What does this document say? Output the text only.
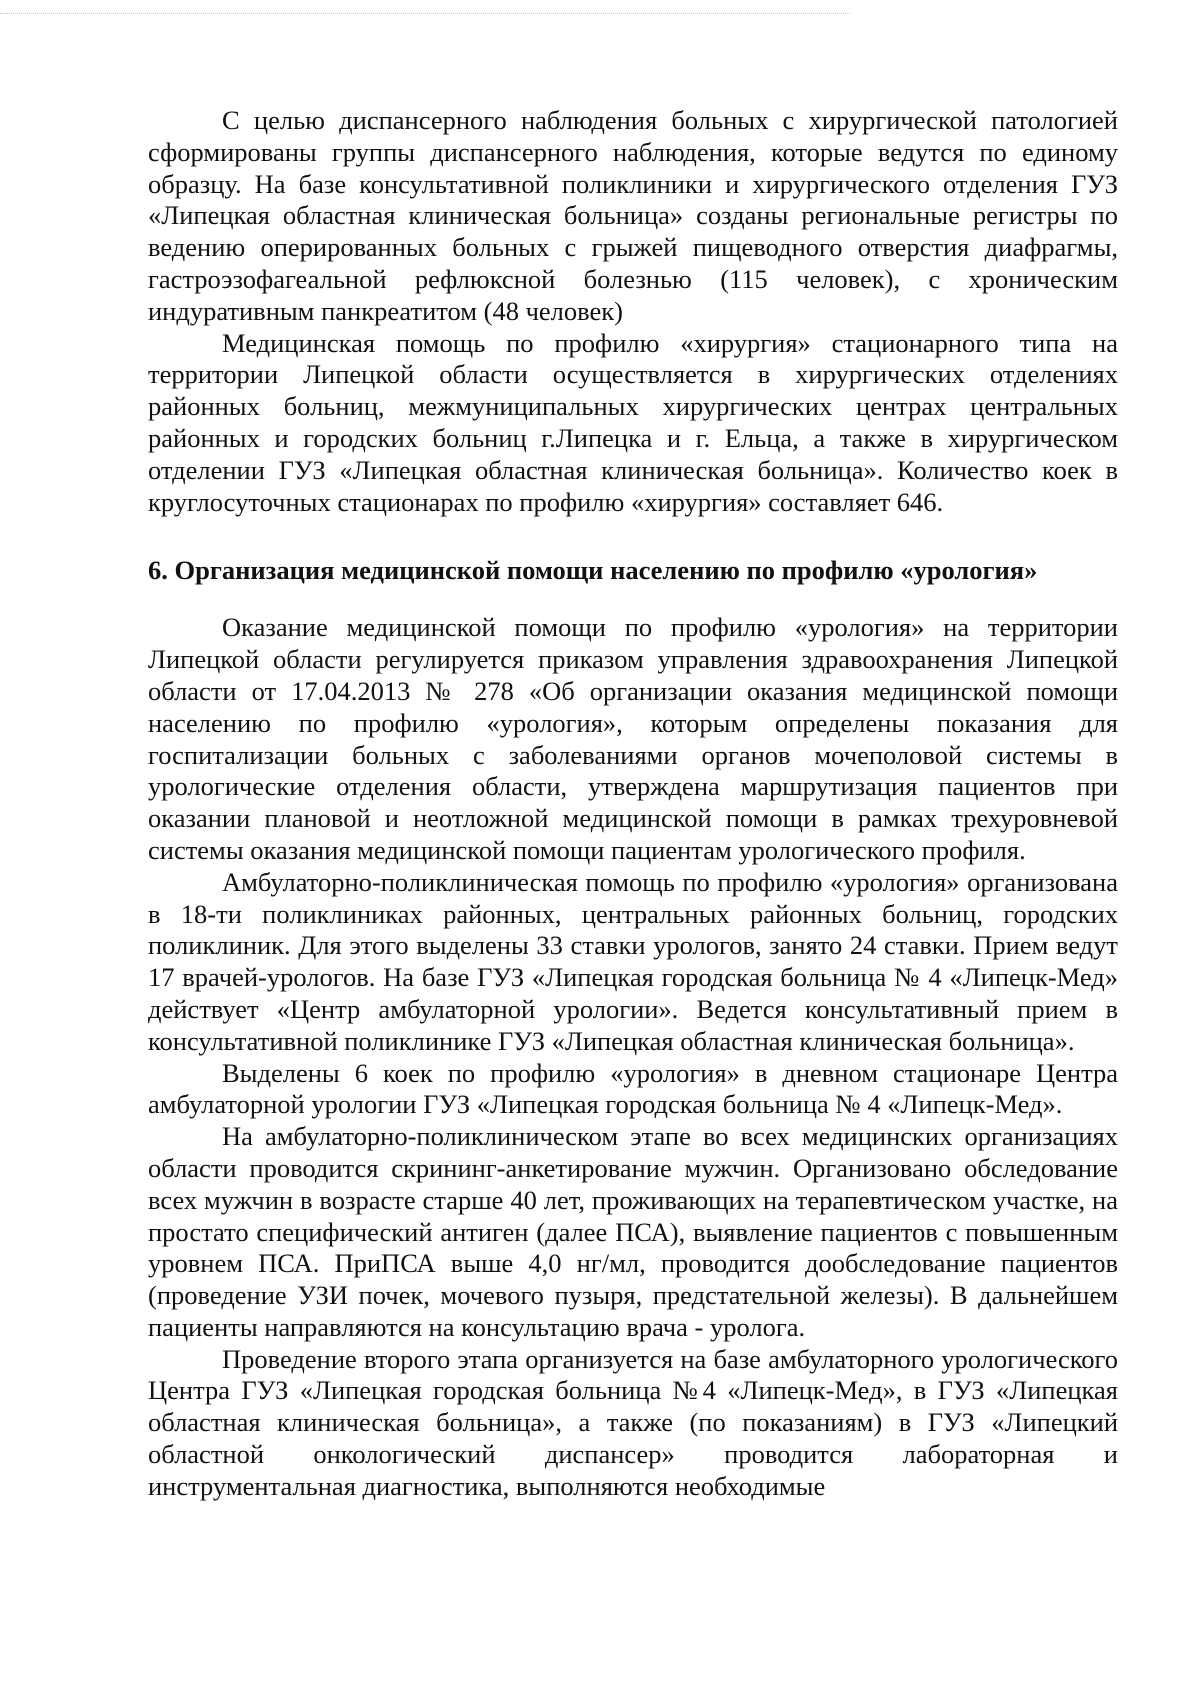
С целью диспансерного наблюдения больных с хирургической патологией сформированы группы диспансерного наблюдения, которые ведутся по единому образцу. На базе консультативной поликлиники и хирургического отделения ГУЗ «Липецкая областная клиническая больница» созданы региональные регистры по ведению оперированных больных с грыжей пищеводного отверстия диафрагмы, гастроэзофагеальной рефлюксной болезнью (115 человек), с хроническим индуративным панкреатитом (48 человек)

Медицинская помощь по профилю «хирургия» стационарного типа на территории Липецкой области осуществляется в хирургических отделениях районных больниц, межмуниципальных хирургических центрах центральных районных и городских больниц г.Липецка и г. Ельца, а также в хирургическом отделении ГУЗ «Липецкая областная клиническая больница». Количество коек в круглосуточных стационарах по профилю «хирургия» составляет 646.

6. Организация медицинской помощи населению по профилю «урология»

Оказание медицинской помощи по профилю «урология» на территории Липецкой области регулируется приказом управления здравоохранения Липецкой области от 17.04.2013 № 278 «Об организации оказания медицинской помощи населению по профилю «урология», которым определены показания для госпитализации больных с заболеваниями органов мочеполовой системы в урологические отделения области, утверждена маршрутизация пациентов при оказании плановой и неотложной медицинской помощи в рамках трехуровневой системы оказания медицинской помощи пациентам урологического профиля.

Амбулаторно-поликлиническая помощь по профилю «урология» организована в 18-ти поликлиниках районных, центральных районных больниц, городских поликлиник. Для этого выделены 33 ставки урологов, занято 24 ставки. Прием ведут 17 врачей-урологов. На базе ГУЗ «Липецкая городская больница № 4 «Липецк-Мед» действует «Центр амбулаторной урологии». Ведется консультативный прием в консультативной поликлинике ГУЗ «Липецкая областная клиническая больница».

Выделены 6 коек по профилю «урология» в дневном стационаре Центра амбулаторной урологии ГУЗ «Липецкая городская больница № 4 «Липецк-Мед».

На амбулаторно-поликлиническом этапе во всех медицинских организациях области проводится скрининг-анкетирование мужчин. Организовано обследование всех мужчин в возрасте старше 40 лет, проживающих на терапевтическом участке, на простато специфический антиген (далее ПСА), выявление пациентов с повышенным уровнем ПСА. ПриПСА выше 4,0 нг/мл, проводится дообследование пациентов (проведение УЗИ почек, мочевого пузыря, предстательной железы). В дальнейшем пациенты направляются на консультацию врача - уролога.

Проведение второго этапа организуется на базе амбулаторного урологического Центра ГУЗ «Липецкая городская больница №4 «Липецк-Мед», в ГУЗ «Липецкая областная клиническая больница», а также (по показаниям) в ГУЗ «Липецкий областной онкологический диспансер» проводится лабораторная и инструментальная диагностика, выполняются необходимые
